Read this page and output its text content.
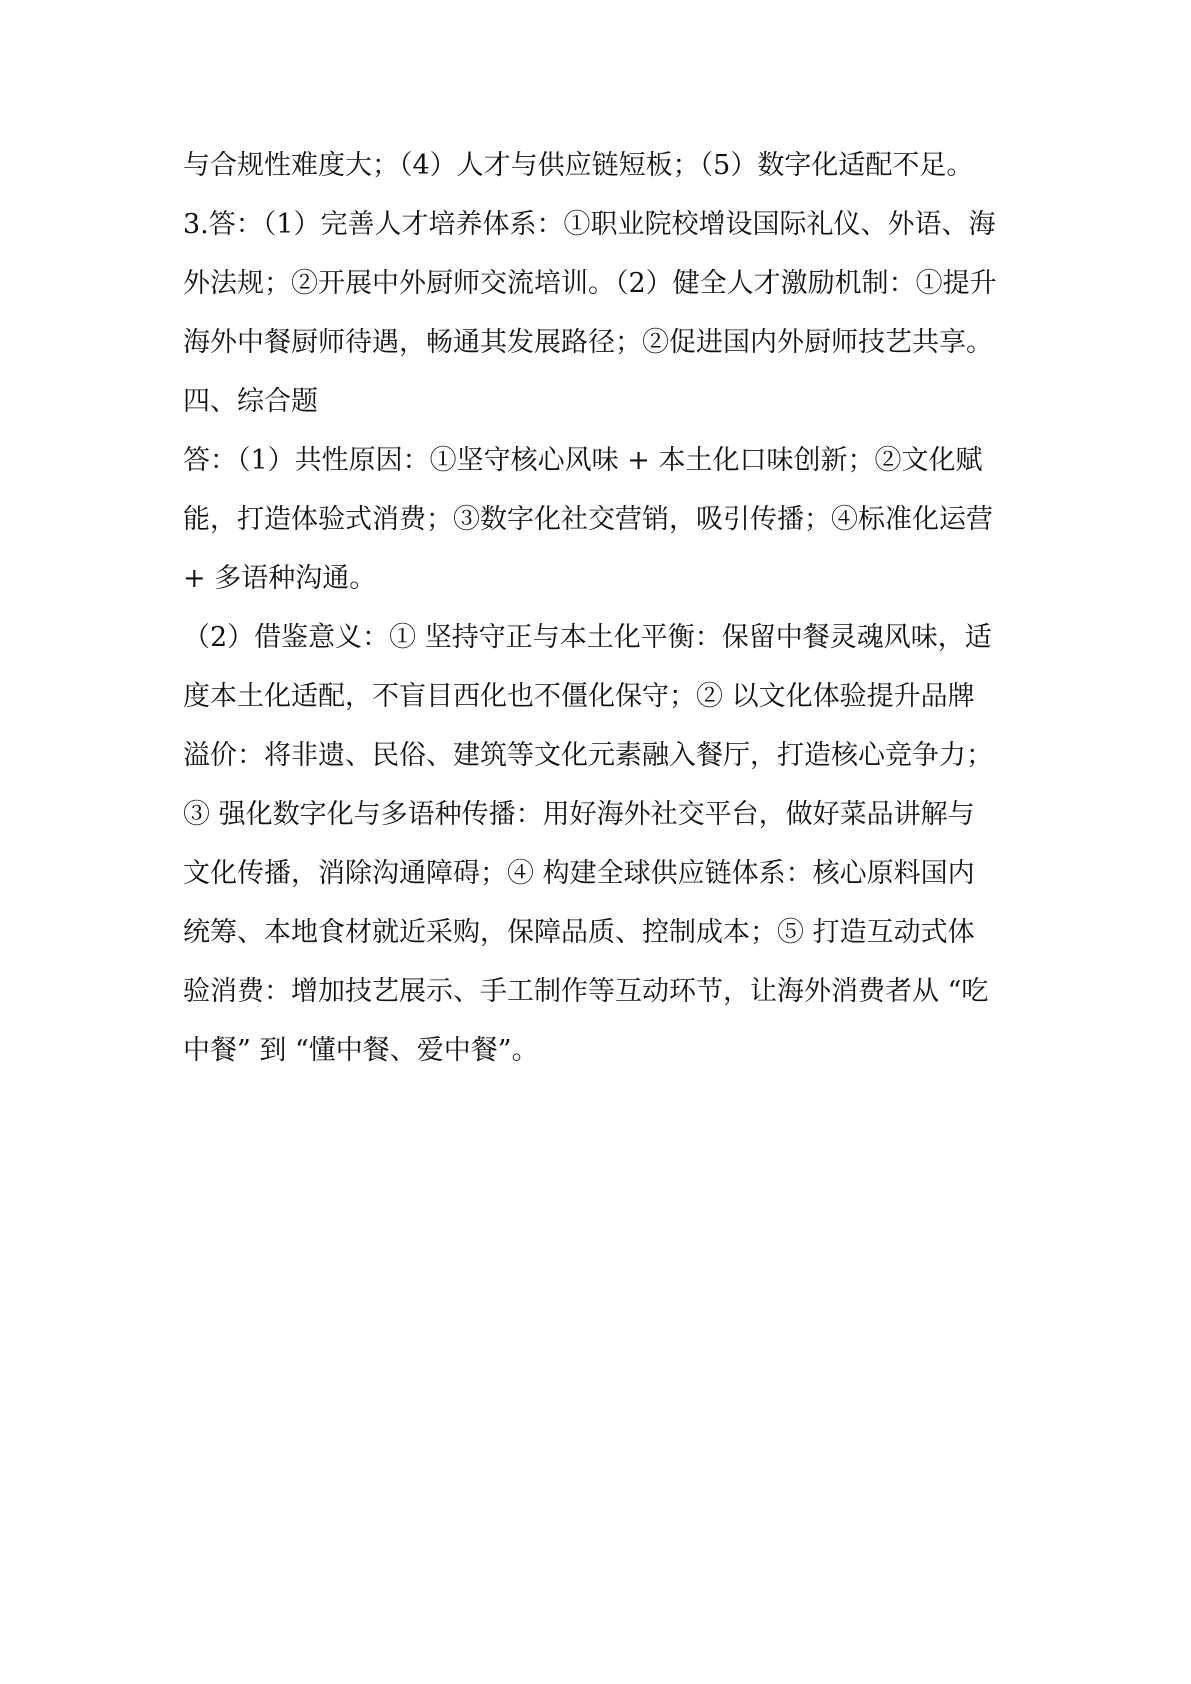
与合规性难度大；（4）人才与供应链短板；（5）数字化适配不足。
3.答：（1）完善人才培养体系：①职业院校增设国际礼仪、外语、海
外法规；②开展中外厨师交流培训。（2）健全人才激励机制：①提升
海外中餐厨师待遇，畅通其发展路径；②促进国内外厨师技艺共享。
四、综合题
答：（1）共性原因：①坚守核心风味 + 本土化口味创新；②文化赋
能，打造体验式消费；③数字化社交营销，吸引传播；④标准化运营
+ 多语种沟通。
（2）借鉴意义：① 坚持守正与本土化平衡：保留中餐灵魂风味，适
度本土化适配，不盲目西化也不僵化保守；② 以文化体验提升品牌
溢价：将非遗、民俗、建筑等文化元素融入餐厅，打造核心竞争力；
③ 强化数字化与多语种传播：用好海外社交平台，做好菜品讲解与
文化传播，消除沟通障碍；④ 构建全球供应链体系：核心原料国内
统筹、本地食材就近采购，保障品质、控制成本；⑤ 打造互动式体
验消费：增加技艺展示、手工制作等互动环节，让海外消费者从 “吃
中餐” 到 “懂中餐、爱中餐”。
